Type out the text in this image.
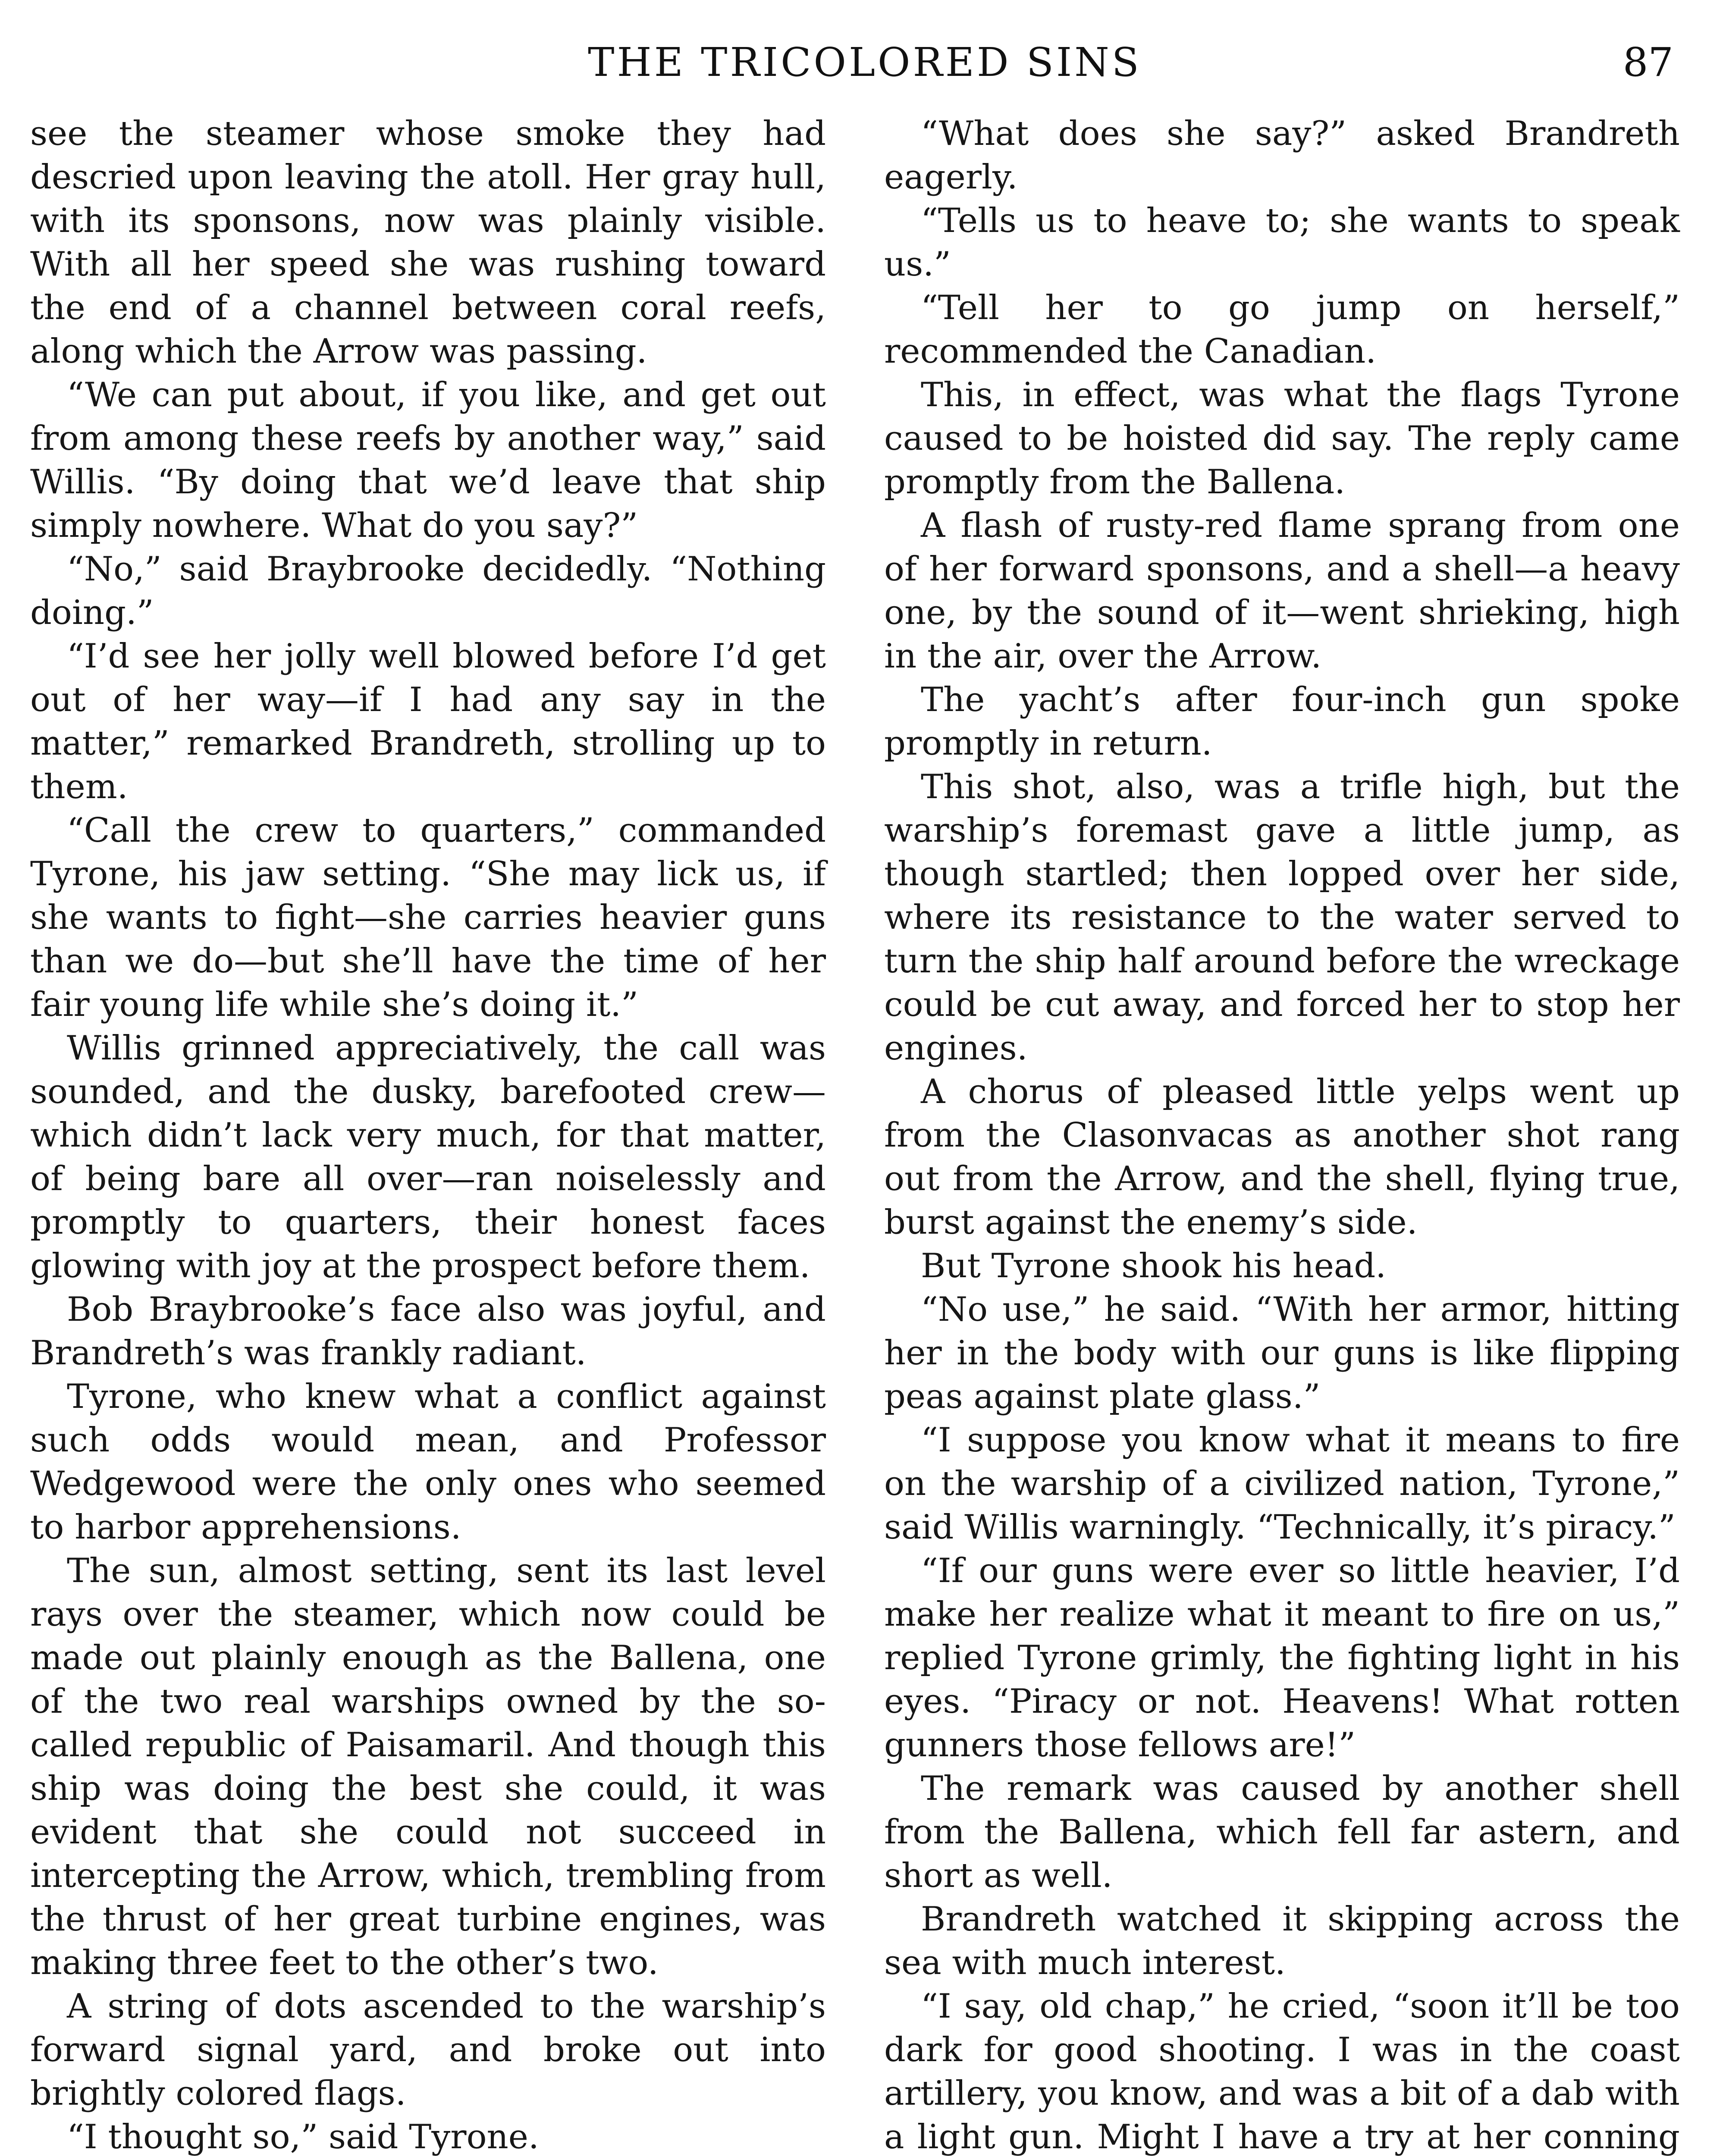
THE TRICOLORED SINS	87

see the steamer whose smoke they had descried upon leaving the atoll. Her gray hull, with its sponsons, now was plainly visible. With all her speed she was rushing toward the end of a channel between coral reefs, along which the Arrow was passing.

“We can put about, if you like, and get out from among these reefs by another way,” said Willis. “By doing that we’d leave that ship simply nowhere. What do you say?”

“No,” said Braybrooke decidedly. “Nothing doing.”

“I’d see her jolly well blowed before I’d get out of her way—if I had any say in the matter,” remarked Brandreth, strolling up to them.

“Call the crew to quarters,” commanded Tyrone, his jaw setting. “She may lick us, if she wants to fight—she carries heavier guns than we do—but she’ll have the time of her fair young life while she’s doing it.”

Willis grinned appreciatively, the call was sounded, and the dusky, barefooted crew—which didn’t lack very much, for that matter, of being bare all over—ran noiselessly and promptly to quarters, their honest faces glowing with joy at the prospect before them.

Bob Braybrooke’s face also was joyful, and Brandreth’s was frankly radiant.

Tyrone, who knew what a conflict against such odds would mean, and Professor Wedgewood were the only ones who seemed to harbor apprehensions.

The sun, almost setting, sent its last level rays over the steamer, which now could be made out plainly enough as the Ballena, one of the two real warships owned by the so-called republic of Paisamaril. And though this ship was doing the best she could, it was evident that she could not succeed in intercepting the Arrow, which, trembling from the thrust of her great turbine engines, was making three feet to the other’s two.

A string of dots ascended to the warship’s forward signal yard, and broke out into brightly colored flags.

“I thought so,” said Tyrone.

“What does she say?” asked Brandreth eagerly.

“Tells us to heave to; she wants to speak us.”

“Tell her to go jump on herself,” recommended the Canadian.

This, in effect, was what the flags Tyrone caused to be hoisted did say. The reply came promptly from the Ballena.

A flash of rusty-red flame sprang from one of her forward sponsons, and a shell—a heavy one, by the sound of it—went shrieking, high in the air, over the Arrow.

The yacht’s after four-inch gun spoke promptly in return.

This shot, also, was a trifle high, but the warship’s foremast gave a little jump, as though startled; then lopped over her side, where its resistance to the water served to turn the ship half around before the wreckage could be cut away, and forced her to stop her engines.

A chorus of pleased little yelps went up from the Clasonvacas as another shot rang out from the Arrow, and the shell, flying true, burst against the enemy’s side.

But Tyrone shook his head.

“No use,” he said. “With her armor, hitting her in the body with our guns is like flipping peas against plate glass.”

“I suppose you know what it means to fire on the warship of a civilized nation, Tyrone,” said Willis warningly. “Technically, it’s piracy.”

“If our guns were ever so little heavier, I’d make her realize what it meant to fire on us,” replied Tyrone grimly, the fighting light in his eyes. “Piracy or not. Heavens! What rotten gunners those fellows are!”

The remark was caused by another shell from the Ballena, which fell far astern, and short as well.

Brandreth watched it skipping across the sea with much interest.

“I say, old chap,” he cried, “soon it’ll be too dark for good shooting. I was in the coast artillery, you know, and was a bit of a dab with a light gun. Might I have a try at her conning
